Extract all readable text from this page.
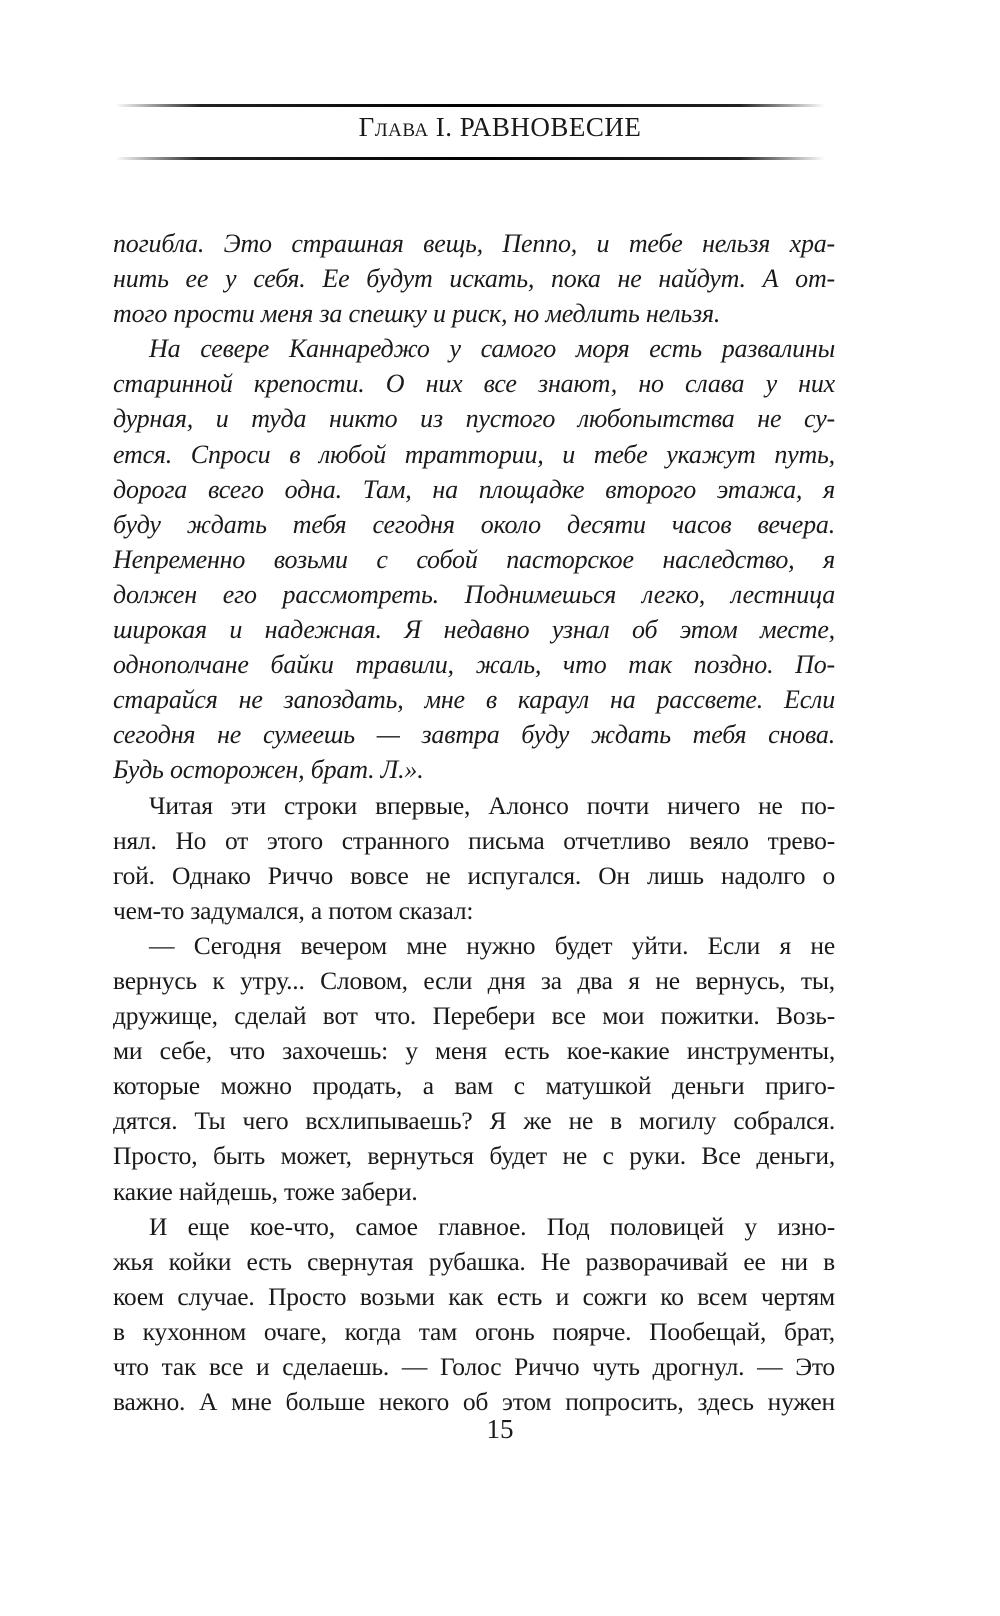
Глава I. РАВНОВЕСИЕ
погибла. Это страшная вещь, Пеппо, и тебе нельзя хра-
нить ее у себя. Ее будут искать, пока не найдут. А от-
того прости меня за спешку и риск, но медлить нельзя.
На севере Каннареджо у самого моря есть развалины
старинной крепости. О них все знают, но слава у них
дурная, и туда никто из пустого любопытства не су-
ется. Спроси в любой траттории, и тебе укажут путь,
дорога всего одна. Там, на площадке второго этажа, я
буду ждать тебя сегодня около десяти часов вечера.
Непременно возьми с собой пасторское наследство, я
должен его рассмотреть. Поднимешься легко, лестница
широкая и надежная. Я недавно узнал об этом месте,
однополчане байки травили, жаль, что так поздно. По-
старайся не запоздать, мне в караул на рассвете. Если
сегодня не сумеешь — завтра буду ждать тебя снова.
Будь осторожен, брат. Л.».
Читая эти строки впервые, Алонсо почти ничего не по-
нял. Но от этого странного письма отчетливо веяло трево-
гой. Однако Риччо вовсе не испугался. Он лишь надолго о
чем-то задумался, а потом сказал:
— Сегодня вечером мне нужно будет уйти. Если я не
вернусь к утру... Словом, если дня за два я не вернусь, ты,
дружище, сделай вот что. Перебери все мои пожитки. Возь-
ми себе, что захочешь: у меня есть кое-какие инструменты,
которые можно продать, а вам с матушкой деньги приго-
дятся. Ты чего всхлипываешь? Я же не в могилу собрался.
Просто, быть может, вернуться будет не с руки. Все деньги,
какие найдешь, тоже забери.
И еще кое-что, самое главное. Под половицей у изно-
жья койки есть свернутая рубашка. Не разворачивай ее ни в
коем случае. Просто возьми как есть и сожги ко всем чертям
в кухонном очаге, когда там огонь поярче. Пообещай, брат,
что так все и сделаешь. — Голос Риччо чуть дрогнул. — Это
важно. А мне больше некого об этом попросить, здесь нужен
15
